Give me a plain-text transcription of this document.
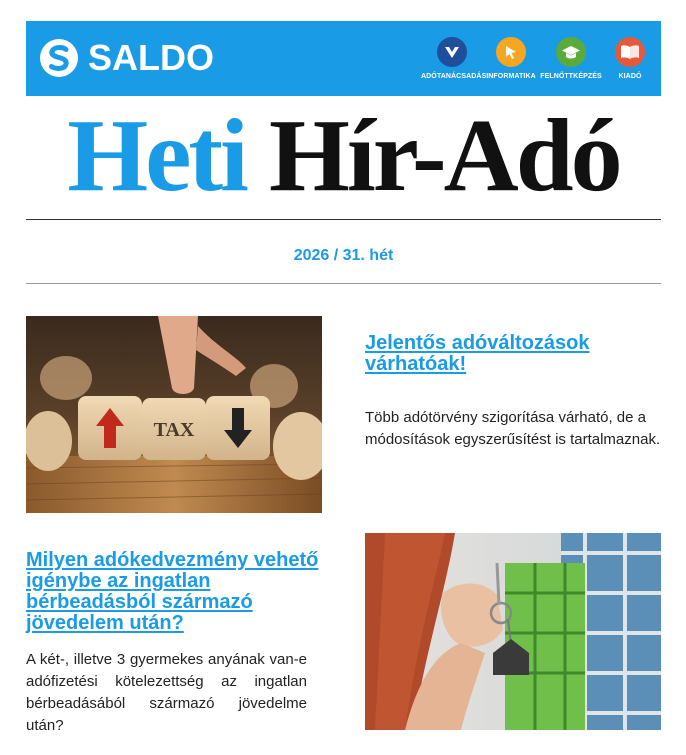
SALDO	ADÓTANÁCSADÁS INFORMATIKA FELNŐTTKÉPZÉS	KIADÓ
Heti Hír-Adó
2026 / 31. hét
TAX
Jelentős adóváltozások várhatóak!
Több adótörvény szigorítása várható, de a módosítások egyszerűsítést is tartalmaznak.
Milyen adókedvezmény vehető igénybe az ingatlan bérbeadásból származó jövedelem után?
A két-, illetve 3 gyermekes anyának van-e adófizetési kötelezettség az ingatlan bérbeadásából származó jövedelme után?
